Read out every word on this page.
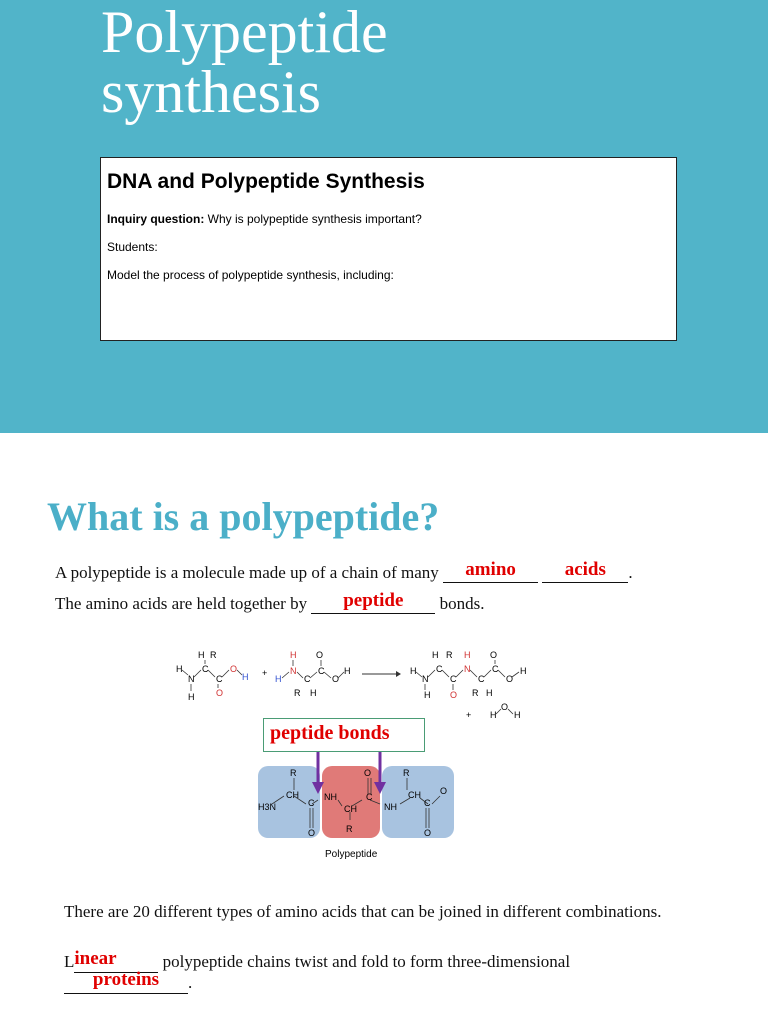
Polypeptide
synthesis

DNA and Polypeptide Synthesis

Inquiry question: Why is polypeptide synthesis important?

Students:

Model the process of polypeptide synthesis, including:

What is a polypeptide?

A polypeptide is a molecule made up of a chain of many amino	acids .

The amino acids are held together by peptide bonds.

H R
H
N
C
C
O
H
H O
+
H O
H
N
C
C
O
H
R H
H R H O
H
N
C
C
N
C
C
O
H
H O R H
+ H
O
H
peptide bonds
R
H3N
CH
C
O
NH
CH
R
O
C
NH
R
CH
C
O
O
Polypeptide

There are 20 different types of amino acids that can be joined in different combinations.

Linear	polypeptide chains twist and fold to form three-dimensional
proteins .
